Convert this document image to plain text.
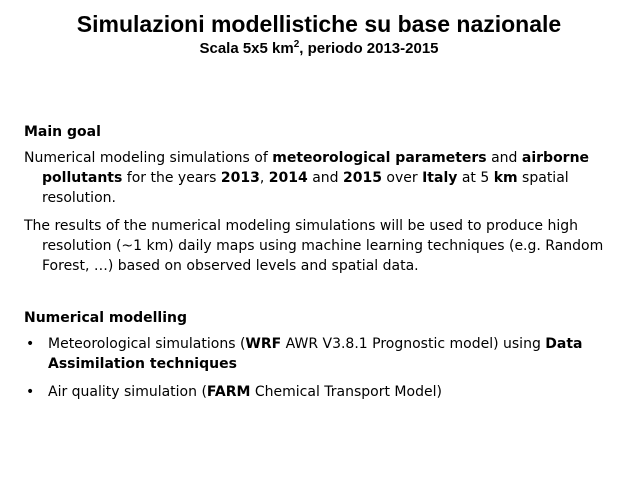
Simulazioni modellistiche su base nazionale
Scala 5x5 $km^2$, periodo 2013-2015
Main goal
Numerical modeling simulations of meteorological parameters and airborne pollutants for the years 2013, 2014 and 2015 over Italy at 5 km spatial resolution.
The results of the numerical modeling simulations will be used to produce high resolution (~1 km) daily maps using machine learning techniques (e.g. Random Forest, …) based on observed levels and spatial data.
Numerical modelling
• Meteorological simulations (WRF AWR V3.8.1 Prognostic model) using Data Assimilation techniques
• Air quality simulation (FARM Chemical Transport Model)
